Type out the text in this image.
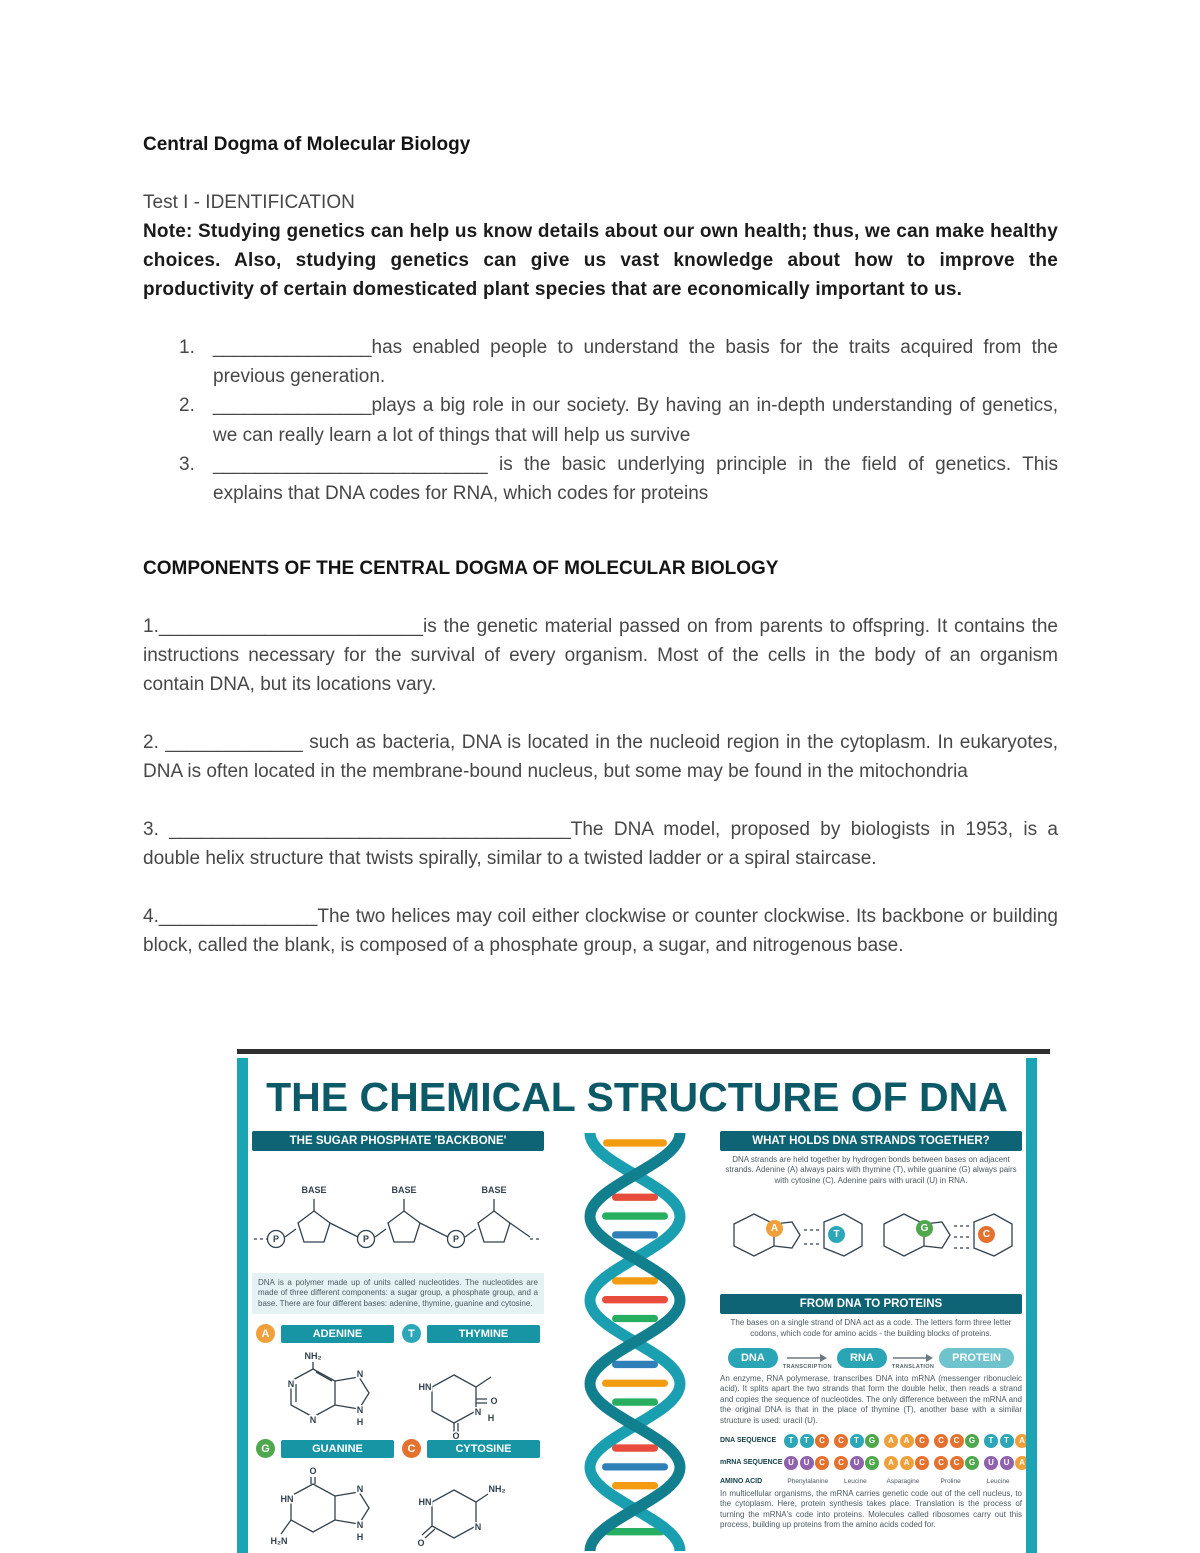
Central Dogma of Molecular Biology
Test I - IDENTIFICATION
Note: Studying genetics can help us know details about our own health; thus, we can make healthy choices. Also, studying genetics can give us vast knowledge about how to improve the productivity of certain domesticated plant species that are economically important to us.
1. _______________has enabled people to understand the basis for the traits acquired from the previous generation.
2. _______________plays a big role in our society. By having an in-depth understanding of genetics, we can really learn a lot of things that will help us survive
3. __________________________ is the basic underlying principle in the field of genetics. This explains that DNA codes for RNA, which codes for proteins
COMPONENTS OF THE CENTRAL DOGMA OF MOLECULAR BIOLOGY
1._________________________is the genetic material passed on from parents to offspring. It contains the instructions necessary for the survival of every organism. Most of the cells in the body of an organism contain DNA, but its locations vary.
2. _____________ such as bacteria, DNA is located in the nucleoid region in the cytoplasm. In eukaryotes, DNA is often located in the membrane-bound nucleus, but some may be found in the mitochondria
3. ______________________________________The DNA model, proposed by biologists in 1953, is a double helix structure that twists spirally, similar to a twisted ladder or a spiral staircase.
4._______________The two helices may coil either clockwise or counter clockwise. Its backbone or building block, called the blank, is composed of a phosphate group, a sugar, and nitrogenous base.
THE CHEMICAL STRUCTURE OF DNA
THE SUGAR PHOSPHATE 'BACKBONE'
P
BASE
P
BASE
P
BASE
DNA is a polymer made up of units called nucleotides. The nucleotides are made of three different components: a sugar group, a phosphate group, and a base. There are four different bases: adenine, thymine, guanine and cytosine.
A	ADENINE
NH₂
N
N
N
N
H
T	THYMINE
HN
O
O
N
H
G	GUANINE
O
HN
H₂N
N
N
H
C	CYTOSINE
NH₂
O
N
HN
WHAT HOLDS DNA STRANDS TOGETHER?
DNA strands are held together by hydrogen bonds between bases on adjacent strands. Adenine (A) always pairs with thymine (T), while guanine (G) always pairs with cytosine (C). Adenine pairs with uracil (U) in RNA.
A
T
G
C
FROM DNA TO PROTEINS
The bases on a single strand of DNA act as a code. The letters form three letter codons, which code for amino acids - the building blocks of proteins.
DNA
TRANSCRIPTION
RNA
TRANSLATION
PROTEIN
An enzyme, RNA polymerase, transcribes DNA into mRNA (messenger ribonucleic acid). It splits apart the two strands that form the double helix, then reads a strand and copies the sequence of nucleotides. The only difference between the mRNA and the original DNA is that in the place of thymine (T), another base with a similar structure is used: uracil (U).
DNA SEQUENCE	T	T	C	C	T	G	A	A	C	C	C	G	T	T	A
mRNA SEQUENCE U	U	C	C	U	G	A	A	C	C	C	G	U	U	A
AMINO ACID	Phenylalanine	Leucine	Asparagine	Proline	Leucine
In multicellular organisms, the mRNA carries genetic code out of the cell nucleus, to the cytoplasm. Here, protein synthesis takes place. Translation is the process of turning the mRNA's code into proteins. Molecules called ribosomes carry out this process, building up proteins from the amino acids coded for.
